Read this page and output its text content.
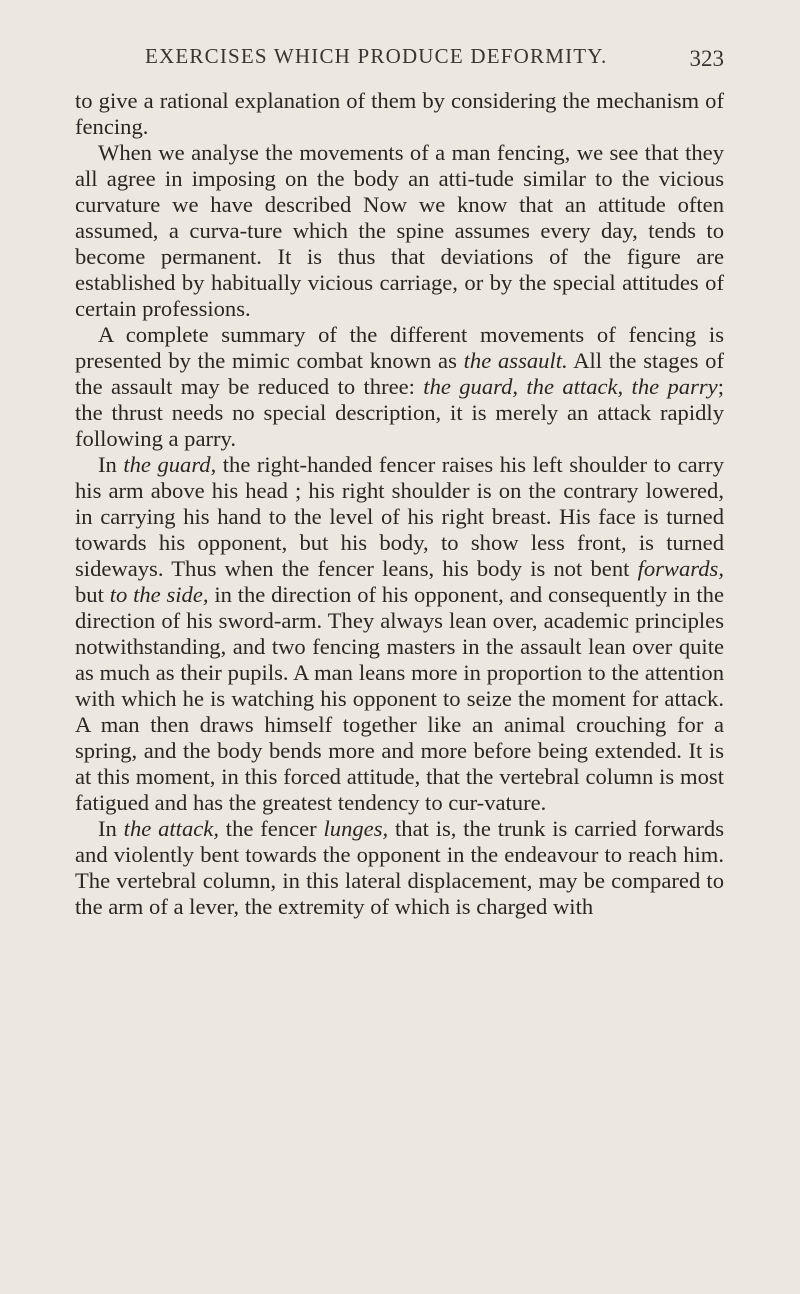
EXERCISES WHICH PRODUCE DEFORMITY.	323

to give a rational explanation of them by considering the mechanism of fencing.

When we analyse the movements of a man fencing, we see that they all agree in imposing on the body an atti-tude similar to the vicious curvature we have described Now we know that an attitude often assumed, a curva-ture which the spine assumes every day, tends to become permanent. It is thus that deviations of the figure are established by habitually vicious carriage, or by the special attitudes of certain professions.

A complete summary of the different movements of fencing is presented by the mimic combat known as the assault. All the stages of the assault may be reduced to three: the guard, the attack, the parry; the thrust needs no special description, it is merely an attack rapidly following a parry.

In the guard, the right-handed fencer raises his left shoulder to carry his arm above his head ; his right shoulder is on the contrary lowered, in carrying his hand to the level of his right breast. His face is turned towards his opponent, but his body, to show less front, is turned sideways. Thus when the fencer leans, his body is not bent forwards, but to the side, in the direction of his opponent, and consequently in the direction of his sword-arm. They always lean over, academic principles notwithstanding, and two fencing masters in the assault lean over quite as much as their pupils. A man leans more in proportion to the attention with which he is watching his opponent to seize the moment for attack. A man then draws himself together like an animal crouching for a spring, and the body bends more and more before being extended. It is at this moment, in this forced attitude, that the vertebral column is most fatigued and has the greatest tendency to cur-vature.

In the attack, the fencer lunges, that is, the trunk is carried forwards and violently bent towards the opponent in the endeavour to reach him. The vertebral column, in this lateral displacement, may be compared to the arm of a lever, the extremity of which is charged with
